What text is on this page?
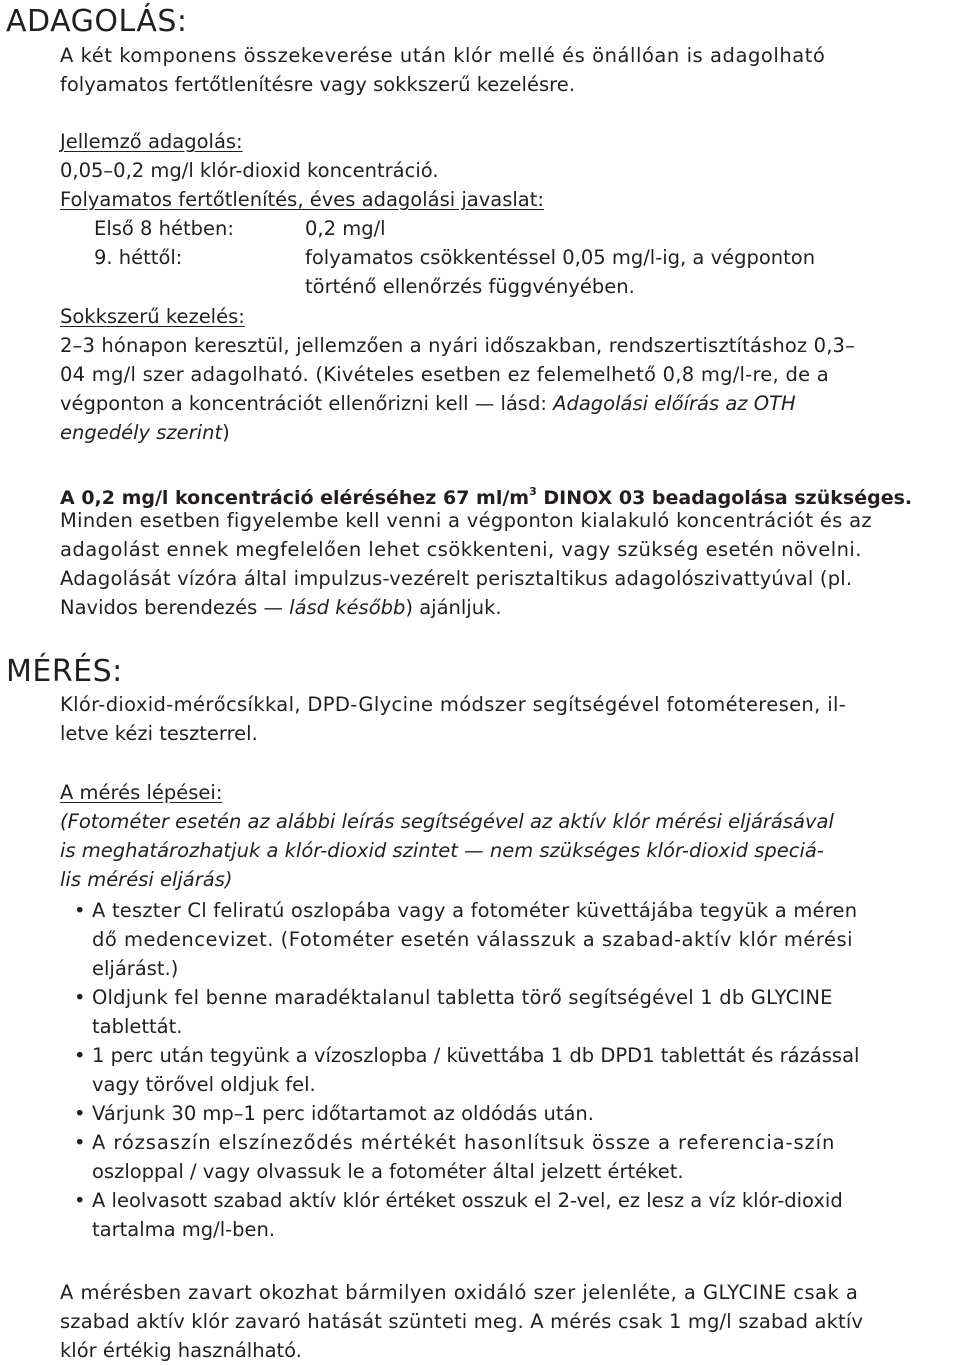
ADAGOLÁS:
A két komponens összekeverése után klór mellé és önállóan is adagolható
folyamatos fertőtlenítésre vagy sokkszerű kezelésre.
Jellemző adagolás:
0,05–0,2 mg/l klór-dioxid koncentráció.
Folyamatos fertőtlenítés, éves adagolási javaslat:
Első 8 hétben:	0,2 mg/l
9. héttől:	folyamatos csökkentéssel 0,05 mg/l-ig, a végponton
történő ellenőrzés függvényében.
Sokkszerű kezelés:
2–3 hónapon keresztül, jellemzően a nyári időszakban, rendszertisztításhoz 0,3–
04 mg/l szer adagolható. (Kivételes esetben ez felemelhető 0,8 mg/l-re, de a
végponton a koncentrációt ellenőrizni kell — lásd: Adagolási előírás az OTH
engedély szerint)
A 0,2 mg/l koncentráció eléréséhez 67 $ml/m^3$ DINOX 03 beadagolása szükséges.
Minden esetben figyelembe kell venni a végponton kialakuló koncentrációt és az
adagolást ennek megfelelően lehet csökkenteni, vagy szükség esetén növelni.
Adagolását vízóra által impulzus-vezérelt perisztaltikus adagolószivattyúval (pl.
Navidos berendezés — lásd később) ajánljuk.
MÉRÉS:
Klór-dioxid-mérőcsíkkal, DPD-Glycine módszer segítségével fotométeresen, il-
letve kézi teszterrel.
A mérés lépései:
(Fotométer esetén az alábbi leírás segítségével az aktív klór mérési eljárásával
is meghatározhatjuk a klór-dioxid szintet — nem szükséges klór-dioxid speciá-
lis mérési eljárás)
• A teszter Cl feliratú oszlopába vagy a fotométer küvettájába tegyük a méren
dő medencevizet. (Fotométer esetén válasszuk a szabad-aktív klór mérési
eljárást.)
• Oldjunk fel benne maradéktalanul tabletta törő segítségével 1 db GLYCINE
tablettát.
• 1 perc után tegyünk a vízoszlopba / küvettába 1 db DPD1 tablettát és rázással
vagy törővel oldjuk fel.
• Várjunk 30 mp–1 perc időtartamot az oldódás után.
• A rózsaszín elszíneződés mértékét hasonlítsuk össze a referencia-szín
oszloppal / vagy olvassuk le a fotométer által jelzett értéket.
• A leolvasott szabad aktív klór értéket osszuk el 2-vel, ez lesz a víz klór-dioxid
tartalma mg/l-ben.
A mérésben zavart okozhat bármilyen oxidáló szer jelenléte, a GLYCINE csak a
szabad aktív klór zavaró hatását szünteti meg. A mérés csak 1 mg/l szabad aktív
klór értékig használható.
